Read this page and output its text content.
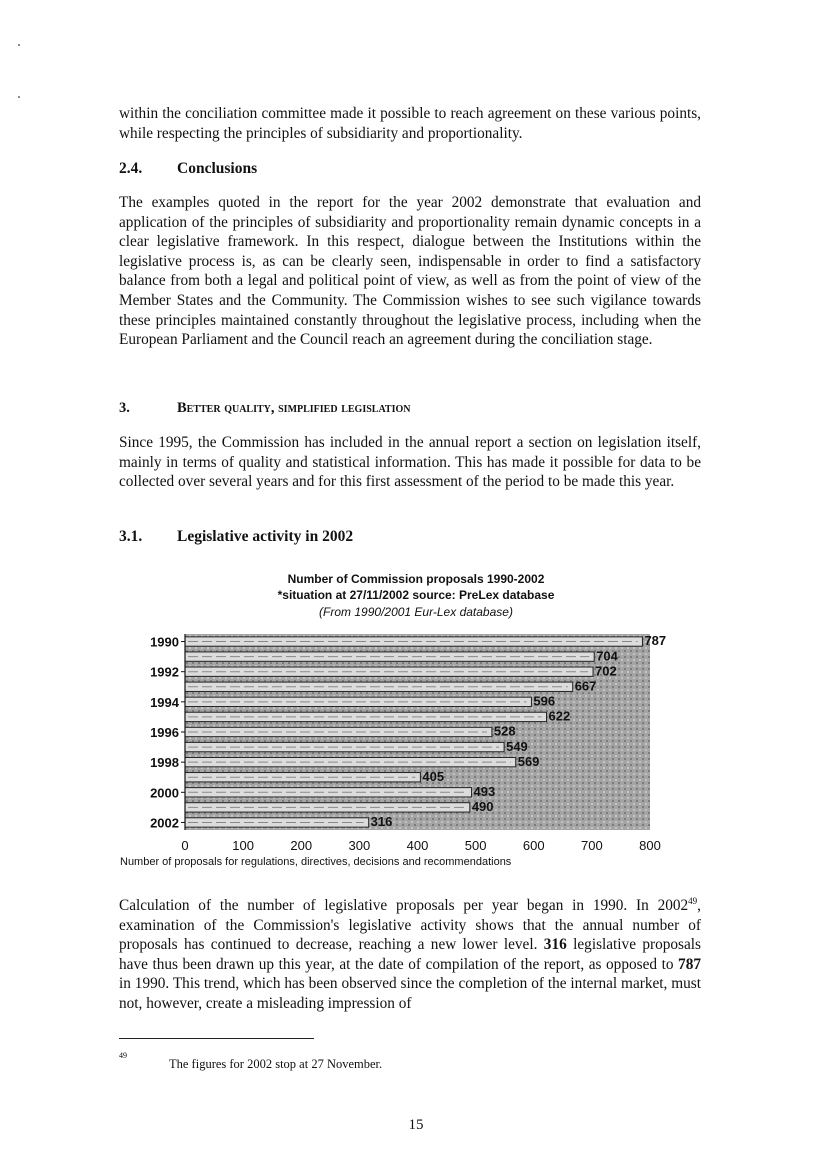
within the conciliation committee made it possible to reach agreement on these various points, while respecting the principles of subsidiarity and proportionality.

2.4. Conclusions

The examples quoted in the report for the year 2002 demonstrate that evaluation and application of the principles of subsidiarity and proportionality remain dynamic concepts in a clear legislative framework. In this respect, dialogue between the Institutions within the legislative process is, as can be clearly seen, indispensable in order to find a satisfactory balance from both a legal and political point of view, as well as from the point of view of the Member States and the Community. The Commission wishes to see such vigilance towards these principles maintained constantly throughout the legislative process, including when the European Parliament and the Council reach an agreement during the conciliation stage.

3.	Better quality, simplified legislation

Since 1995, the Commission has included in the annual report a section on legislation itself, mainly in terms of quality and statistical information. This has made it possible for data to be collected over several years and for this first assessment of the period to be made this year.

3.1. Legislative activity in 2002
Number of Commission proposals 1990-2002
*situation at 27/11/2002 source: PreLex database
(From 1990/2001 Eur-Lex database)
787
704
702
667
596
622
528
549
569
405
493
490
316
1990
1992
1994
1996
1998
2000
2002
0	100	200	300	400	500	600	700	800
Number of proposals for regulations, directives, decisions and recommendations

Calculation of the number of legislative proposals per year began in 1990. In 2002$^{49}$, examination of the Commission's legislative activity shows that the annual number of proposals has continued to decrease, reaching a new lower level. 316 legislative proposals have thus been drawn up this year, at the date of compilation of the report, as opposed to 787 in 1990. This trend, which has been observed since the completion of the internal market, must not, however, create a misleading impression of

49
The figures for 2002 stop at 27 November.
15
